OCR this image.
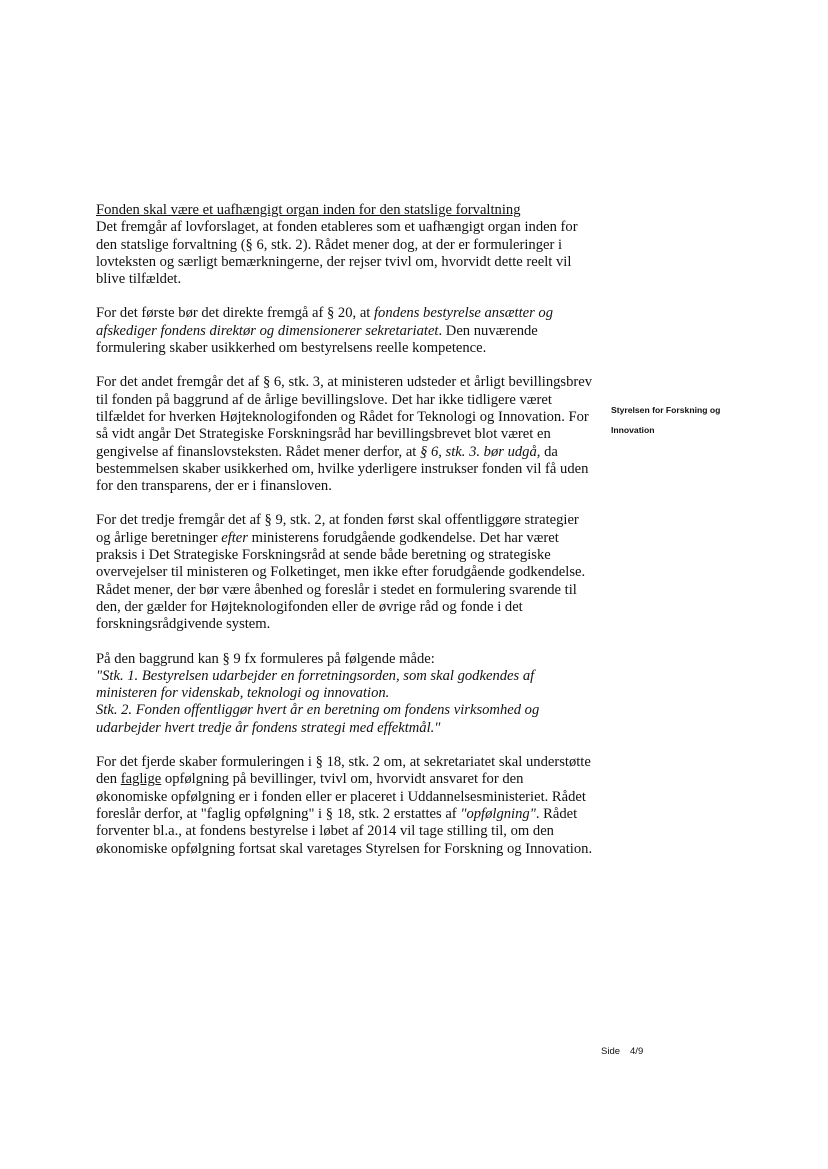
Fonden skal være et uafhængigt organ inden for den statslige forvaltning
Det fremgår af lovforslaget, at fonden etableres som et uafhængigt organ inden for den statslige forvaltning (§ 6, stk. 2). Rådet mener dog, at der er formuleringer i lovteksten og særligt bemærkningerne, der rejser tvivl om, hvorvidt dette reelt vil blive tilfældet.

For det første bør det direkte fremgå af § 20, at fondens bestyrelse ansætter og afskediger fondens direktør og dimensionerer sekretariatet. Den nuværende formulering skaber usikkerhed om bestyrelsens reelle kompetence.

For det andet fremgår det af § 6, stk. 3, at ministeren udsteder et årligt bevillingsbrev til fonden på baggrund af de årlige bevillingslove. Det har ikke tidligere været tilfældet for hverken Højteknologifonden og Rådet for Teknologi og Innovation. For så vidt angår Det Strategiske Forskningsråd har bevillingsbrevet blot været en gengivelse af finanslovsteksten. Rådet mener derfor, at § 6, stk. 3. bør udgå, da bestemmelsen skaber usikkerhed om, hvilke yderligere instrukser fonden vil få uden for den transparens, der er i finansloven.

For det tredje fremgår det af § 9, stk. 2, at fonden først skal offentliggøre strategier og årlige beretninger efter ministerens forudgående godkendelse. Det har været praksis i Det Strategiske Forskningsråd at sende både beretning og strategiske overvejelser til ministeren og Folketinget, men ikke efter forudgående godkendelse. Rådet mener, der bør være åbenhed og foreslår i stedet en formulering svarende til den, der gælder for Højteknologifonden eller de øvrige råd og fonde i det forskningsrådgivende system.

På den baggrund kan § 9 fx formuleres på følgende måde:
"Stk. 1. Bestyrelsen udarbejder en forretningsorden, som skal godkendes af ministeren for videnskab, teknologi og innovation.
Stk. 2. Fonden offentliggør hvert år en beretning om fondens virksomhed og udarbejder hvert tredje år fondens strategi med effektmål."

For det fjerde skaber formuleringen i § 18, stk. 2 om, at sekretariatet skal understøtte den faglige opfølgning på bevillinger, tvivl om, hvorvidt ansvaret for den økonomiske opfølgning er i fonden eller er placeret i Uddannelsesministeriet. Rådet foreslår derfor, at "faglig opfølgning" i § 18, stk. 2 erstattes af "opfølgning". Rådet forventer bl.a., at fondens bestyrelse i løbet af 2014 vil tage stilling til, om den økonomiske opfølgning fortsat skal varetages Styrelsen for Forskning og Innovation.

Styrelsen for Forskning og
Innovation
Side 4/9
